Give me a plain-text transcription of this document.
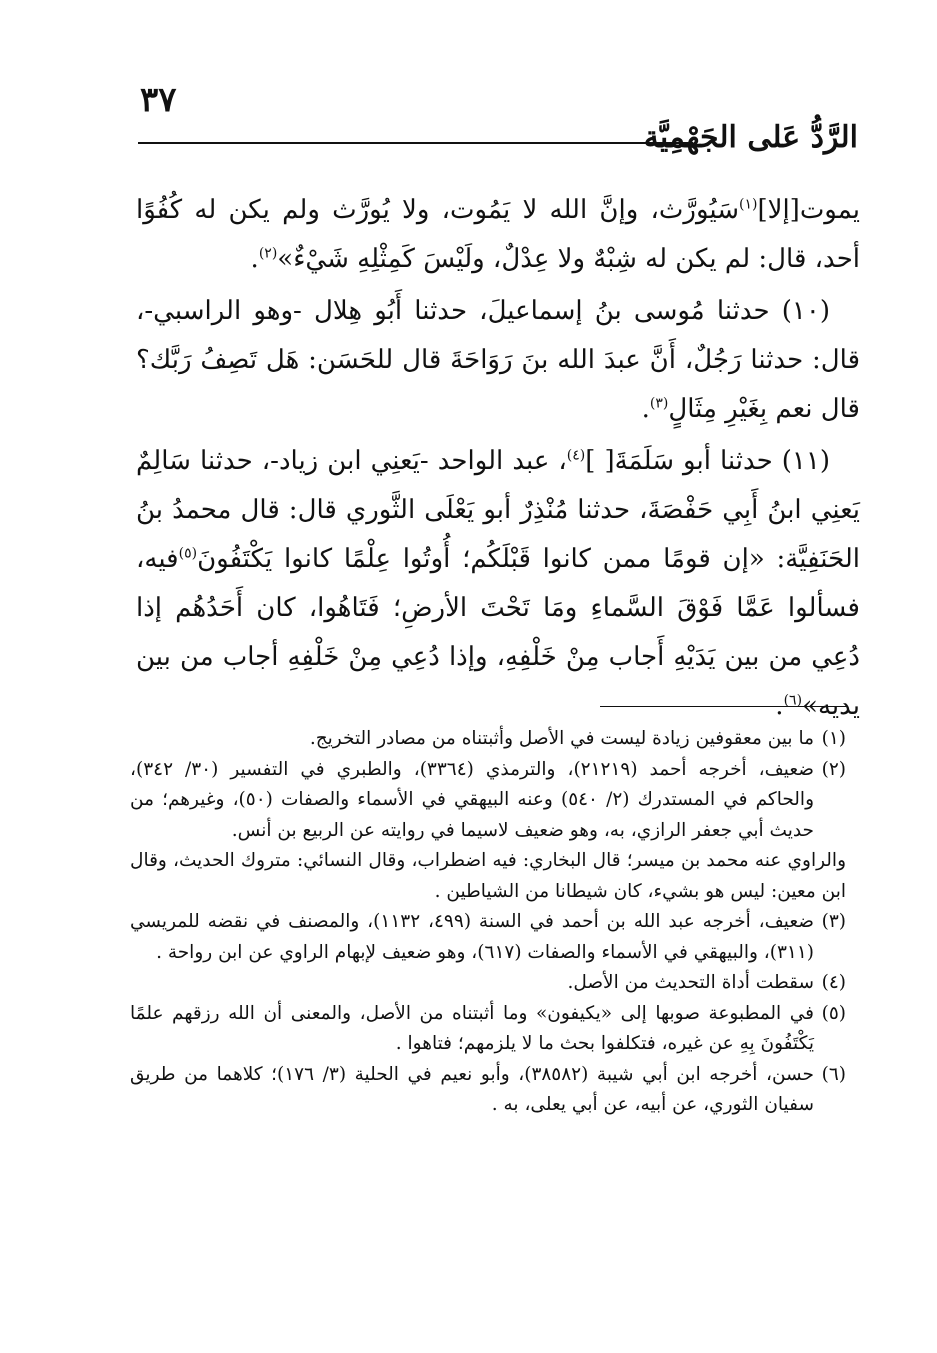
٣٧
الرَّدُّ عَلى الجَهْمِيَّة

يموت[إلا]$^{(١)}$سَيُورَّث، وإنَّ الله لا يَمُوت، ولا يُورَّث ولم يكن له كُفُوًا أحد، قال: لم يكن له شِبْهٌ ولا عِدْلٌ، ولَيْسَ كَمِثْلِهِ شَيْءٌ»$^{(٢)}$.

(١٠) حدثنا مُوسى بنُ إسماعيلَ، حدثنا أَبُو هِلال -وهو الراسبي-، قال: حدثنا رَجُلٌ، أَنَّ عبدَ الله بنَ رَوَاحَةَ قال للحَسَن: هَل تَصِفُ رَبَّك؟ قال نعم بِغَيْرِ مِثَالٍ$^{(٣)}$.

(١١) حدثنا أبو سَلَمَةَ[ ]$^{(٤)}$، عبد الواحد -يَعنِي ابن زياد-، حدثنا سَالِمٌ يَعنِي ابنُ أَبِي حَفْصَةَ، حدثنا مُنْذِرٌ أبو يَعْلَى الثَّوري قال: قال محمدُ بنُ الحَنَفِيَّة: «إن قومًا ممن كانوا قَبْلَكُم؛ أُوتُوا عِلْمًا كانوا يَكْتَفُونَ$^{(٥)}$فيه، فسألوا عَمَّا فَوْقَ السَّماءِ ومَا تَحْتَ الأرضِ؛ فَتَاهُوا، كان أَحَدُهُم إذا دُعِي من بين يَدَيْهِ أَجاب مِنْ خَلْفِهِ، وإذا دُعِي مِنْ خَلْفِهِ أجاب من بين يديه»$^{(٦)}$.

(١)ما بين معقوفين زيادة ليست في الأصل وأثبتناه من مصادر التخريج.

(٢)ضعيف، أخرجه أحمد (٢١٢١٩)، والترمذي (٣٣٦٤)، والطبري في التفسير (٣٠/ ٣٤٢)، والحاكم في المستدرك (٢/ ٥٤٠) وعنه البيهقي في الأسماء والصفات (٥٠)، وغيرهم؛ من حديث أبي جعفر الرازي، به، وهو ضعيف لاسيما في روايته عن الربيع بن أنس.

والراوي عنه محمد بن ميسر؛ قال البخاري: فيه اضطراب، وقال النسائي: متروك الحديث، وقال ابن معين: ليس هو بشيء، كان شيطانا من الشياطين .

(٣)ضعيف، أخرجه عبد الله بن أحمد في السنة (٤٩٩، ١١٣٢)، والمصنف في نقضه للمريسي (٣١١)، والبيهقي في الأسماء والصفات (٦١٧)، وهو ضعيف لإبهام الراوي عن ابن رواحة .

(٤)سقطت أداة التحديث من الأصل.

(٥)في المطبوعة صوبها إلى «يكيفون» وما أثبتناه من الأصل، والمعنى أن الله رزقهم علمًا يَكْتَفُونَ بِهِ عن غيره، فتكلفوا بحث ما لا يلزمهم؛ فتاهوا .

(٦)حسن، أخرجه ابن أبي شيبة (٣٨٥٨٢)، وأبو نعيم في الحلية (٣/ ١٧٦)؛ كلاهما من طريق سفيان الثوري، عن أبيه، عن أبي يعلى، به .
